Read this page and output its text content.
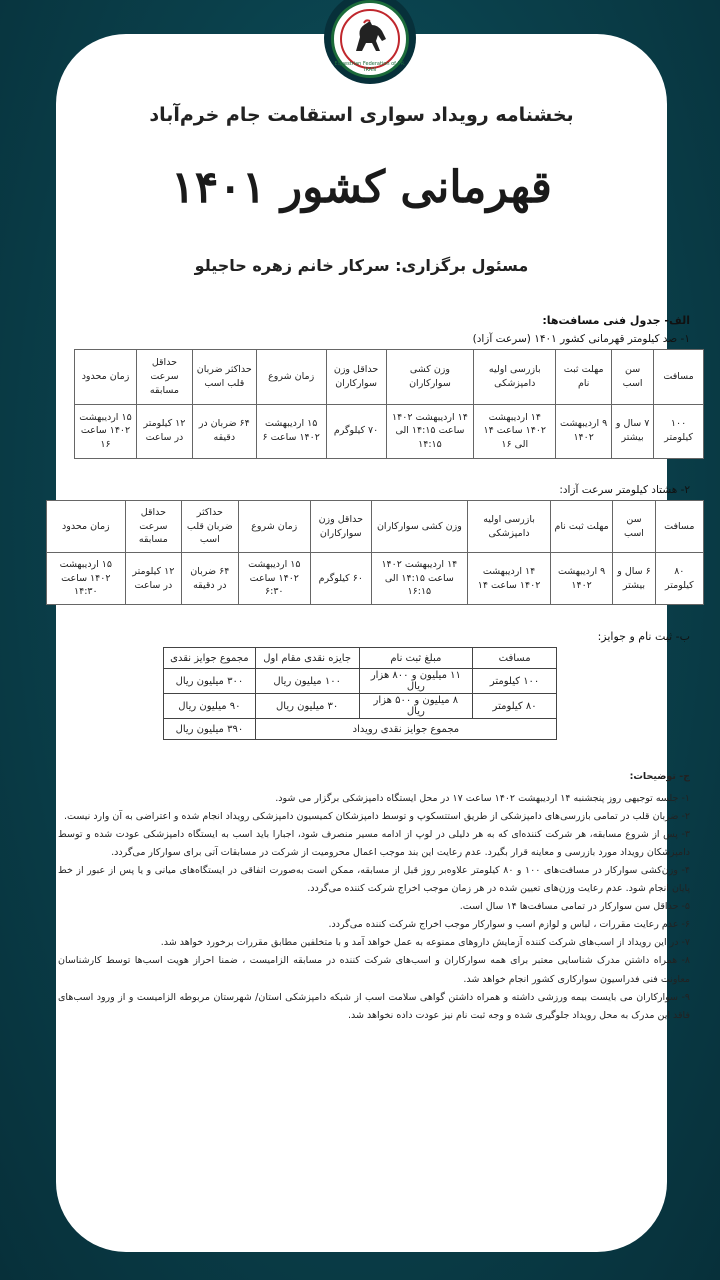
Equestrian Federation of I.R. IRAN
بخشنامه رویداد سواری استقامت جام خرم‌آباد
قهرمانی کشور ۱۴۰۱
مسئول برگزاری: سرکار خانم زهره حاجیلو
الف- جدول فنی مسافت‌ها:
۱- صد کیلومتر قهرمانی کشور ۱۴۰۱ (سرعت آزاد)
مسافت	سن اسب	مهلت ثبت نام	بازرسی اولیه دامپزشکی	وزن کشی سوارکاران	حداقل وزن سوارکاران	زمان شروع	حداکثر ضربان قلب اسب	حداقل سرعت مسابقه	زمان محدود
۱۰۰ کیلومتر	۷ سال و بیشتر	۹ اردیبهشت ۱۴۰۲	۱۴ اردیبهشت ۱۴۰۲ ساعت ۱۴ الی ۱۶	۱۴ اردیبهشت ۱۴۰۲ ساعت ۱۴:۱۵ الی ۱۴:۱۵	۷۰ کیلوگرم	۱۵ اردیبهشت ۱۴۰۲ ساعت ۶	۶۴ ضربان در دقیقه	۱۲ کیلومتر در ساعت	۱۵ اردیبهشت ۱۴۰۲ ساعت ۱۶
۲- هشتاد کیلومتر سرعت آزاد:
مسافت	سن اسب	مهلت ثبت نام	بازرسی اولیه دامپزشکی	وزن کشی سوارکاران	حداقل وزن سوارکاران	زمان شروع	حداکثر ضربان قلب اسب	حداقل سرعت مسابقه	زمان محدود
۸۰ کیلومتر	۶ سال و بیشتر	۹ اردیبهشت ۱۴۰۲	۱۴ اردیبهشت ۱۴۰۲ ساعت ۱۴	۱۴ اردیبهشت ۱۴۰۲ ساعت ۱۴:۱۵ الی ۱۶:۱۵	۶۰ کیلوگرم	۱۵ اردیبهشت ۱۴۰۲ ساعت ۶:۳۰	۶۴ ضربان در دقیقه	۱۲ کیلومتر در ساعت	۱۵ اردیبهشت ۱۴۰۲ ساعت ۱۴:۳۰
ب- ثبت نام و جوایز:
مسافت	مبلغ ثبت نام	جایزه نقدی مقام اول	مجموع جوایز نقدی
۱۰۰ کیلومتر	۱۱ میلیون و ۸۰۰ هزار ریال	۱۰۰ میلیون ریال	۳۰۰ میلیون ریال
۸۰ کیلومتر	۸ میلیون و ۵۰۰ هزار ریال	۳۰ میلیون ریال	۹۰ میلیون ریال
مجموع جوایز نقدی رویداد			۳۹۰ میلیون ریال

ج- توضیحات:

۱- جلسه توجیهی روز پنجشنبه ۱۴ اردیبهشت ۱۴۰۲ ساعت ۱۷ در محل ایستگاه دامپزشکی برگزار می شود.

۲- ضربان قلب در تمامی بازرسی‌های دامپزشکی از طریق استتسکوپ و توسط دامپزشکان کمیسیون دامپزشکی رویداد انجام شده و اعتراضی به آن وارد نیست.

۳- پس از شروع مسابقه، هر شرکت کننده‌ای که به هر دلیلی در لوپ از ادامه مسیر منصرف شود، اجبارا باید اسب به ایستگاه دامپزشکی عودت شده و توسط دامپزشکان رویداد مورد بازرسی و معاینه قرار بگیرد. عدم رعایت این بند موجب اعمال محرومیت از شرکت در مسابقات آتی برای سوارکار می‌گردد.

۴- وزن‌کشی سوارکار در مسافت‌های ۱۰۰ و ۸۰ کیلومتر علاوه‌بر روز قبل از مسابقه، ممکن است به‌صورت اتفاقی در ایستگاه‌های میانی و یا پس از عبور از خط پایان انجام شود. عدم رعایت وزن‌های تعیین شده در هر زمان موجب اخراج شرکت کننده می‌گردد.

۵- حداقل سن سوارکار در تمامی مسافت‌ها ۱۴ سال است.

۶- عدم رعایت مقررات ، لباس و لوازم اسب و سوارکار موجب اخراج شرکت کننده می‌گردد.

۷- در این رویداد از اسب‌های شرکت کننده آزمایش داروهای ممنوعه به عمل خواهد آمد و با متخلفین مطابق مقررات برخورد خواهد شد.

۸- همراه داشتن مدرک شناسایی معتبر برای همه سوارکاران و اسب‌های شرکت کننده در مسابقه الزامیست ، ضمنا احراز هویت اسب‌ها توسط کارشناسان معاونت فنی فدراسیون سوارکاری کشور انجام خواهد شد.

۹- سوارکاران می بایست بیمه ورزشی داشته و همراه داشتن گواهی سلامت اسب از شبکه دامپزشکی استان/ شهرستان مربوطه الزامیست و از ورود اسب‌های فاقد این مدرک به محل رویداد جلوگیری شده و وجه ثبت نام نیز عودت داده نخواهد شد.
